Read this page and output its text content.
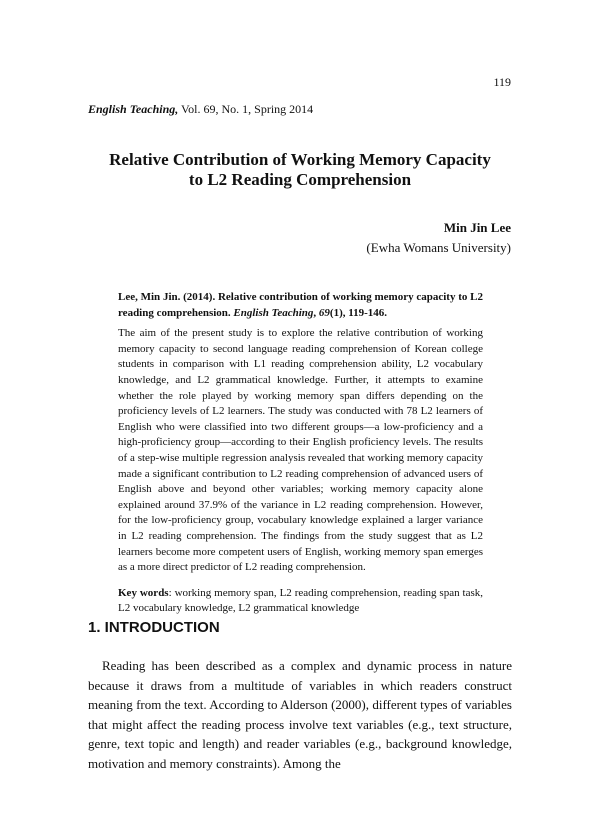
119
English Teaching, Vol. 69, No. 1, Spring 2014
Relative Contribution of Working Memory Capacity
to L2 Reading Comprehension
Min Jin Lee
(Ewha Womans University)

Lee, Min Jin. (2014). Relative contribution of working memory capacity to L2 reading comprehension. English Teaching, 69(1), 119-146.

The aim of the present study is to explore the relative contribution of working memory capacity to second language reading comprehension of Korean college students in comparison with L1 reading comprehension ability, L2 vocabulary knowledge, and L2 grammatical knowledge. Further, it attempts to examine whether the role played by working memory span differs depending on the proficiency levels of L2 learners. The study was conducted with 78 L2 learners of English who were classified into two different groups—a low-proficiency and a high-proficiency group—according to their English proficiency levels. The results of a step-wise multiple regression analysis revealed that working memory capacity made a significant contribution to L2 reading comprehension of advanced users of English above and beyond other variables; working memory capacity alone explained around 37.9% of the variance in L2 reading comprehension. However, for the low-proficiency group, vocabulary knowledge explained a larger variance in L2 reading comprehension. The findings from the study suggest that as L2 learners become more competent users of English, working memory span emerges as a more direct predictor of L2 reading comprehension.

Key words: working memory span, L2 reading comprehension, reading span task, L2 vocabulary knowledge, L2 grammatical knowledge

1. INTRODUCTION

Reading has been described as a complex and dynamic process in nature because it draws from a multitude of variables in which readers construct meaning from the text. According to Alderson (2000), different types of variables that might affect the reading process involve text variables (e.g., text structure, genre, text topic and length) and reader variables (e.g., background knowledge, motivation and memory constraints). Among the
